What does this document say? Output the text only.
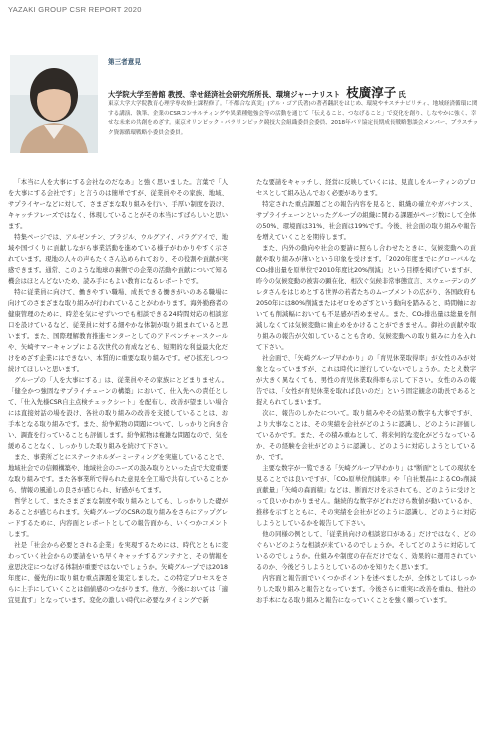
YAZAKI GROUP CSR REPORT 2020
第三者意見
大学院大学至善館 教授、幸せ経済社会研究所所長、環境ジャーナリスト 枝廣淳子 氏
東京大学大学院教育心理学専攻修士課程修了。「不都合な真実」(アル・ゴア氏著)の著者翻訳をはじめ、環境やサステナビリティ、地域経済循環に関する講演、執筆、企業のCSRコンサルティングや異業種勉強会等の活動を通じて「伝えること、つなげること」で変化を創り、しなやかに強く、幸せな未来の共創をめざす。東京オリンピック・パラリンピック競技大会組織委員会委員、2018年パリ協定長期成長戦略懇談会メンバー、プラスチック資源循環戦略小委員会委員。

「本当に人を大事にする会社なのだなあ」と強く思いました。言葉で「人を大事にする会社です」と言うのは簡単ですが、従業員やその家族、地域、サプライヤーなどに対して、さまざまな取り組みを行い、手厚い制度を設け、キャッチフレーズではなく、体現していることがその本当にすばらしいと思います。

特集ページでは、アルゼンチン、ブラジル、ウルグアイ、パラグアイで、地域や国づくりに貢献しながら事業活動を進めている様子がわかりやすく示されています。現地の人々の声もたくさん込められており、その役割や貢献が実感できます。通常、このような地球の裏側での企業の活動や貢献について知る機会はほとんどないため、読み手にもよい教育になるレポートです。

特に従業員に向けて、働きやすい職場、成長できる働きがいのある職場に向けてのさまざまな取り組みが行われていることがわかります。海外勤務者の健康管理のために、時差を気にせずいつでも相談できる24時間対応の相談窓口を設けているなど、従業員に対する細やかな体制が取り組まれていると思います。また、国際理解教育推進センターとしてのアドベンチャースクールや、矢崎サマーキャンプによる次世代の育成なども、短期的な利益最大化だけをめざす企業にはできない、本質的に重要な取り組みです。ぜひ拡充しつつ続けてほしいと思います。

グループの「人を大事にする」は、従業員やその家族にとどまりません。「健全かつ強固なサプライチェーンの構築」において、仕入先への責任として、「仕入先様CSR自主点検チェックシート」を配布し、改善が望ましい場合には直接対話の場を設け、各社の取り組みの改善を支援していることは、お手本となる取り組みです。また、紛争鉱物の問題について、しっかりと向き合い、調査を行っていることも評価します。紛争鉱物は複雑な問題なので、気を緩めることなく、しっかりした取り組みを続けて下さい。

また、事業所ごとにステークホルダーミーティングを実施していることで、地域社会での信頼構築や、地域社会のニーズの汲み取りといった点で大変重要な取り組みです。また各事業所で得られた意見を全工場で共有していることから、情報の風通しの良さが感じられ、好感がもてます。

哲学として、またさまざまな制度や取り組みとしても、しっかりした礎があることが感じられます。矢崎グループのCSRの取り組みをさらにアップグレードするために、内容面とレポートとしての報告面から、いくつかコメントします。

社是「社会から必要とされる企業」を実現するためには、時代とともに変わっていく社会からの要請をいち早くキャッチするアンテナと、その情報を意思決定につなげる体制が重要ではないでしょうか。矢崎グループでは2018年度に、優先的に取り組む重点課題を策定しました。この特定プロセスをさらに上手にしていくことは価値感のつながります。他方、今後においては「適宜見直す」となっています。変化の激しい時代に必要なタイミングで新

たな要請をキャッチし、経営に反映していくには、見直しをルーティンのプロセスとして組み込んでおく必要があります。

特定された重点課題ごとの報告内容を見ると、組織の確立やガバナンス、サプライチェーンといったグループの組織に関わる課題がページ数にして全体の50%、環境面は31%、社会面は19%です。今後、社会面の取り組みや報告を増えていくことを期待します。

また、内外の動向や社会の要請に照らし合わせたときに、気候変動への貢献や取り組みが薄いという印象を受けます。「2020年度までにグローバルなCO₂排出量を原単位で2010年度比20%削減」という目標を掲げていますが、昨今の気候変動の被害の顕在化、相次ぐ気候非常事態宣言、スウェーデンのグレタさんをはじめとする世界の若者たちのムーブメントの広がり、各国政府も2050年には80%削減またはゼロをめざすという動向を踏みると、時間軸においても削減幅においても不足感が否めません。また、CO₂排出量は総量を削減しなくては気候変動に歯止めをかけることができません。御社の貢献や取り組みの報告が欠如していることも含め、気候変動への取り組みに力を入れて下さい。

社会面で、「矢崎グループ早わかり」の「育児休業取得率」が女性のみが対象となっていますが、これは時代に逆行していないでしょうか。たとえ数字が大きく異なくても、男性の育児休業取得率も示して下さい。女性のみの報告では、「女性が育児休業を取れば良いのだ」という固定観念の助長であると捉えられてしまいます。

次に、報告のしかたについて。取り組みやその結果の数字も大事ですが、より大事なことは、その実績を会社がどのように認識し、どのように評価しているかです。また、その積み重ねとして、将来何的な変化がどうなっているか、その経験を会社がどのように認識し、どのように対応しようとしているか、です。

主要な数字が一覧できる「矢崎グループ早わかり」は"断面"としての現状を見ることでは良いですが、「CO₂原単位削減率」や「自社製品によるCO₂削減貢献量」「矢崎の森面積」などは、断面だけを示されても、どのように受けとって良いかわかりません。継続的な数字がどれだけら数値が動いているか、推移を示すとともに、その実績を会社がどのように認識し、どのように対応しようとしているかを報告して下さい。

他の同様の例として、「従業員向けの相談窓口がある」だけではなく、どのぐらいどのような相談が来ているのでしょうか。そしてどのように対応しているのでしょうか。仕組みや制度の存在だけでなく、効果的に運用されているのか、今後どうしようとしているのかを知りたく思います。

内容面と報告面でいくつかポイントを述べましたが、全体としてはしっかりした取り組みと報告となっています。今後さらに重実に改善を重ね、他社のお手本になる取り組みと報告になっていくことを強く願っています。
